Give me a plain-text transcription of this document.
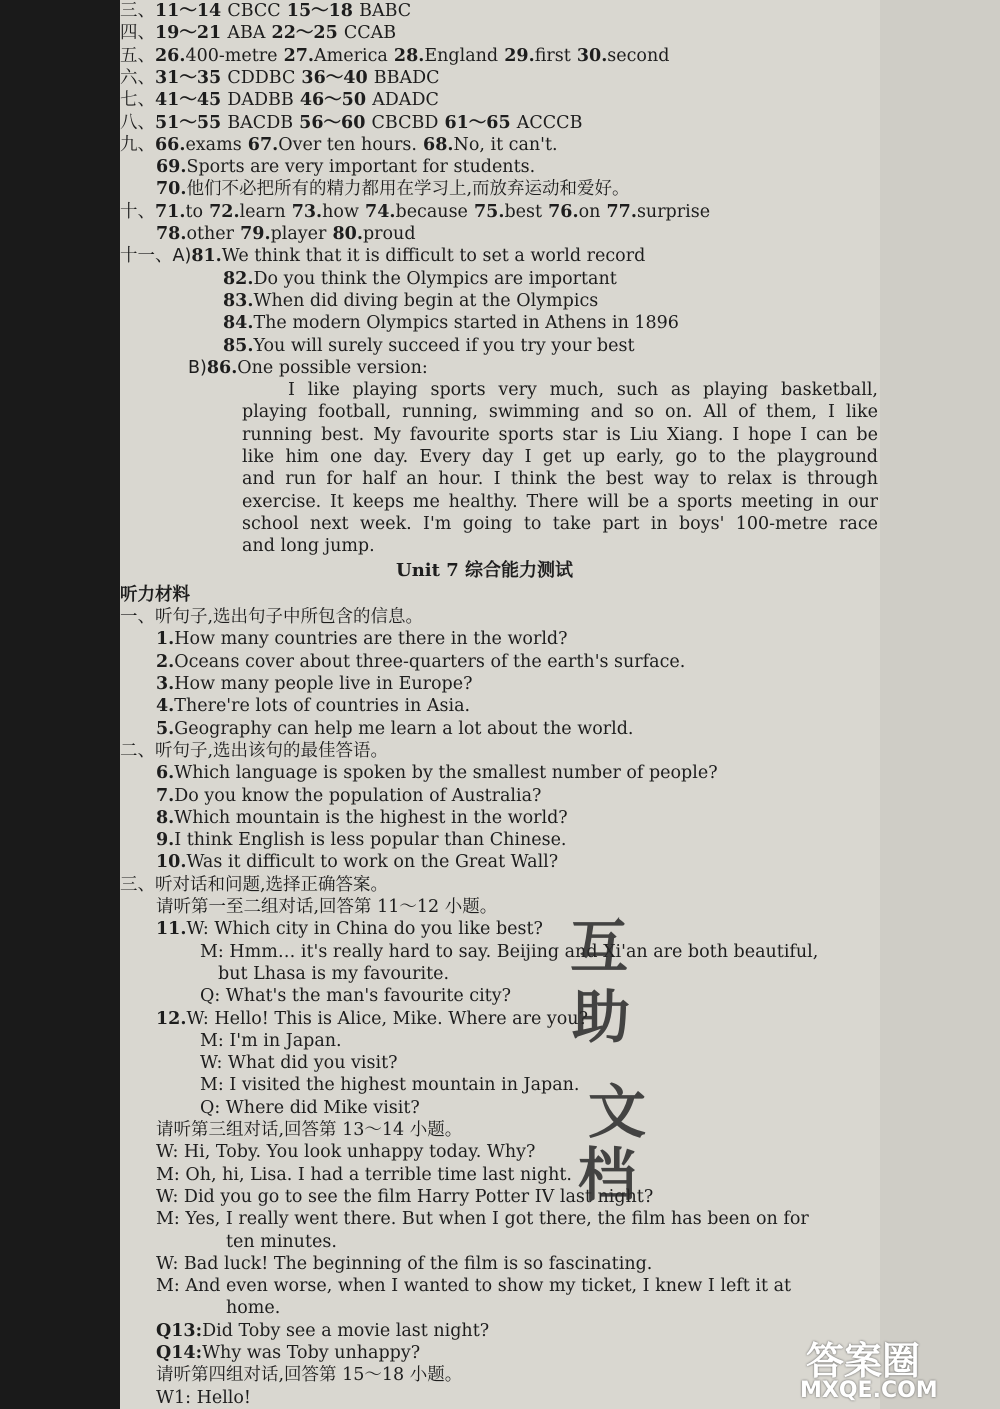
三、11～14 CBCC 15～18 BABC
四、19～21 ABA 22～25 CCAB
五、26.400-metre 27.America 28.England 29.first 30.second
六、31～35 CDDBC 36～40 BBADC
七、41～45 DADBB 46～50 ADADC
八、51～55 BACDB 56～60 CBCBD 61～65 ACCCB
九、66.exams 67.Over ten hours. 68.No, it can't.
69.Sports are very important for students.
70.他们不必把所有的精力都用在学习上,而放弃运动和爱好。
十、71.to 72.learn 73.how 74.because 75.best 76.on 77.surprise
78.other 79.player 80.proud
十一、A)81.We think that it is difficult to set a world record
82.Do you think the Olympics are important
83.When did diving begin at the Olympics
84.The modern Olympics started in Athens in 1896
85.You will surely succeed if you try your best
B)86.One possible version:
I like playing sports very much, such as playing basketball,
playing football, running, swimming and so on. All of them, I like
running best. My favourite sports star is Liu Xiang. I hope I can be
like him one day. Every day I get up early, go to the playground
and run for half an hour. I think the best way to relax is through
exercise. It keeps me healthy. There will be a sports meeting in our
school next week. I'm going to take part in boys' 100-metre race
and long jump.
Unit 7 综合能力测试
听力材料
一、听句子,选出句子中所包含的信息。
1.How many countries are there in the world?
2.Oceans cover about three-quarters of the earth's surface.
3.How many people live in Europe?
4.There're lots of countries in Asia.
5.Geography can help me learn a lot about the world.
二、听句子,选出该句的最佳答语。
6.Which language is spoken by the smallest number of people?
7.Do you know the population of Australia?
8.Which mountain is the highest in the world?
9.I think English is less popular than Chinese.
10.Was it difficult to work on the Great Wall?
三、听对话和问题,选择正确答案。
请听第一至二组对话,回答第 11～12 小题。
11.W: Which city in China do you like best?
M: Hmm… it's really hard to say. Beijing and Xi'an are both beautiful,
but Lhasa is my favourite.
Q: What's the man's favourite city?
12.W: Hello! This is Alice, Mike. Where are you?
M: I'm in Japan.
W: What did you visit?
M: I visited the highest mountain in Japan.
Q: Where did Mike visit?
请听第三组对话,回答第 13～14 小题。
W: Hi, Toby. You look unhappy today. Why?
M: Oh, hi, Lisa. I had a terrible time last night.
W: Did you go to see the film Harry Potter IV last night?
M: Yes, I really went there. But when I got there, the film has been on for
ten minutes.
W: Bad luck! The beginning of the film is so fascinating.
M: And even worse, when I wanted to show my ticket, I knew I left it at
home.
Q13:Did Toby see a movie last night?
Q14:Why was Toby unhappy?
请听第四组对话,回答第 15～18 小题。
W1: Hello!
互
助
文
档
答案圈
MXQE.COM
